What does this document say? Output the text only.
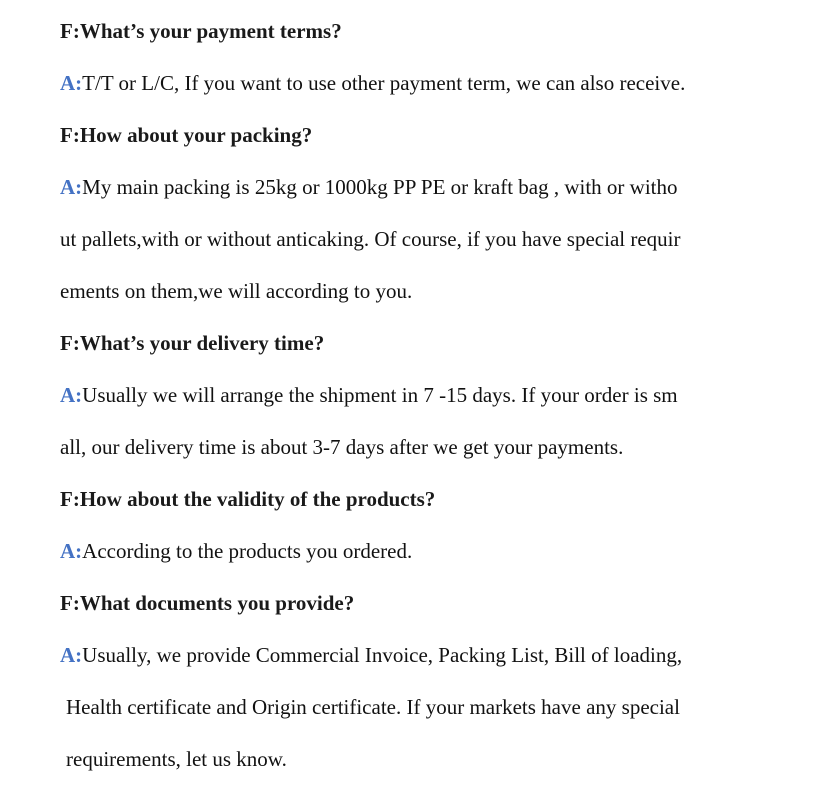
F:What’s your payment terms?
A:T/T or L/C, If you want to use other payment term, we can also receive.
F:How about your packing?
A:My main packing is 25kg or 1000kg PP PE or kraft bag , with or witho
ut pallets,with or without anticaking. Of course, if you have special requir
ements on them,we will according to you.
F:What’s your delivery time?
A:Usually we will arrange the shipment in 7 -15 days. If your order is sm
all, our delivery time is about 3-7 days after we get your payments.
F:How about the validity of the products?
A:According to the products you ordered.
F:What documents you provide?
A:Usually, we provide Commercial Invoice, Packing List, Bill of loading,
Health certificate and Origin certificate. If your markets have any special
requirements, let us know.
